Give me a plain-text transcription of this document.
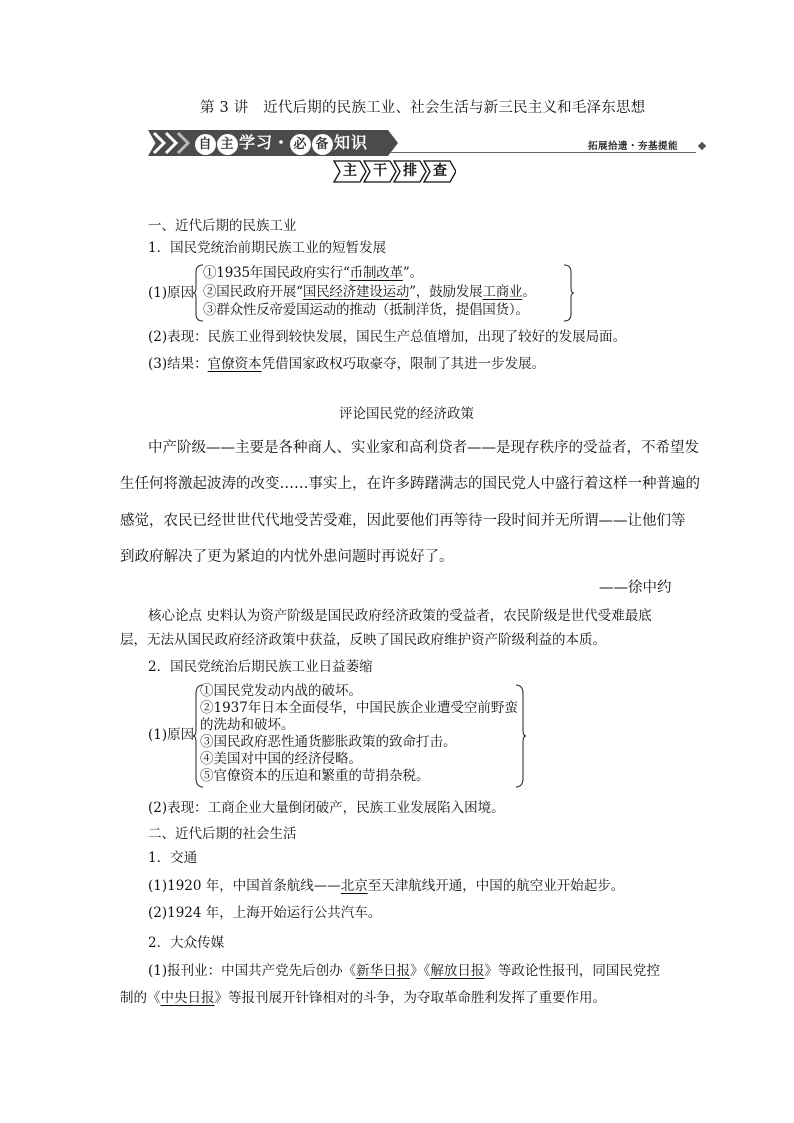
第 3 讲　近代后期的民族工业、社会生活与新三民主义和毛泽东思想
自 主 学习・ 必 备 知识	拓展拾遗・夯基提能
主	干	排	查
一、近代后期的民族工业
1．国民党统治前期民族工业的短暂发展
(1)原因
①1935年国民政府实行“币制改革”。
②国民政府开展“国民经济建设运动”，鼓励发展工商业。
③群众性反帝爱国运动的推动（抵制洋货，提倡国货）。
(2)表现：民族工业得到较快发展，国民生产总值增加，出现了较好的发展局面。
(3)结果：官僚资本凭借国家政权巧取豪夺，限制了其进一步发展。
评论国民党的经济政策
中产阶级——主要是各种商人、实业家和高利贷者——是现存秩序的受益者，不希望发
生任何将激起波涛的改变……事实上，在许多踌躇满志的国民党人中盛行着这样一种普遍的
感觉，农民已经世世代代地受苦受难，因此要他们再等待一段时间并无所谓——让他们等
到政府解决了更为紧迫的内忧外患问题时再说好了。
——徐中约
核心论点 史料认为资产阶级是国民政府经济政策的受益者，农民阶级是世代受难最底
层，无法从国民政府经济政策中获益，反映了国民政府维护资产阶级利益的本质。
2．国民党统治后期民族工业日益萎缩
(1)原因
①国民党发动内战的破坏。
②1937年日本全面侵华，中国民族企业遭受空前野蛮
的洗劫和破坏。
③国民政府恶性通货膨胀政策的致命打击。
④美国对中国的经济侵略。
⑤官僚资本的压迫和繁重的苛捐杂税。
(2)表现：工商企业大量倒闭破产，民族工业发展陷入困境。
二、近代后期的社会生活
1．交通
(1)1920 年，中国首条航线——北京至天津航线开通，中国的航空业开始起步。
(2)1924 年，上海开始运行公共汽车。
2．大众传媒
(1)报刊业：中国共产党先后创办《新华日报》《解放日报》等政论性报刊，同国民党控
制的《中央日报》等报刊展开针锋相对的斗争，为夺取革命胜利发挥了重要作用。
